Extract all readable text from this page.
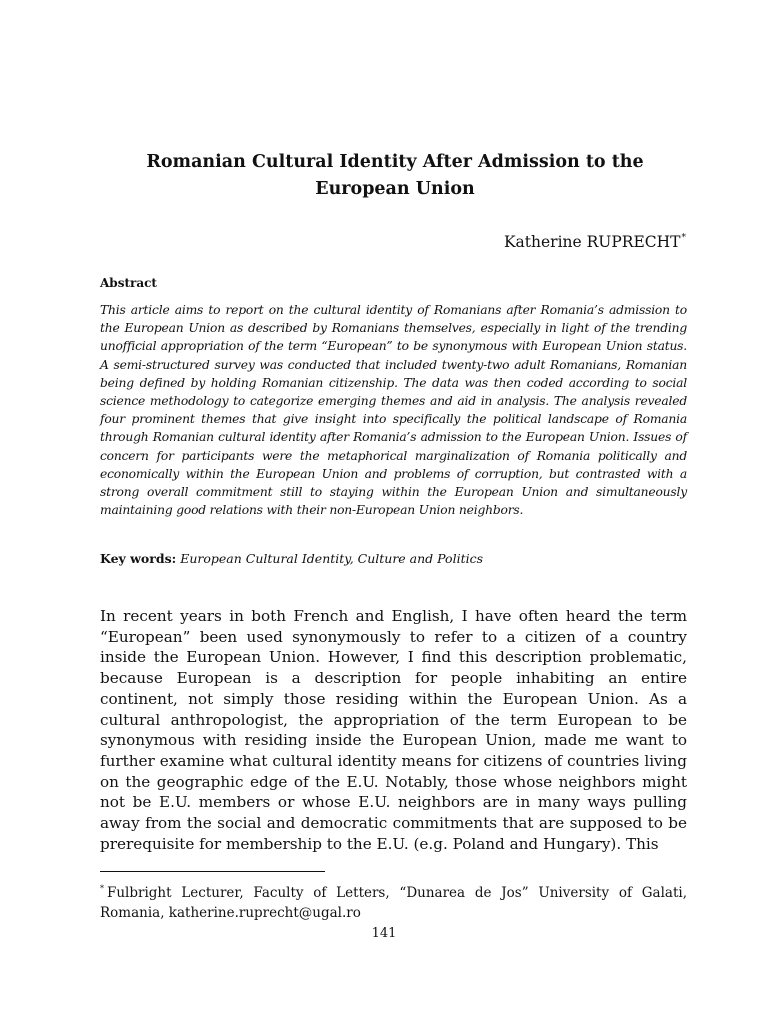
Romanian Cultural Identity After Admission to the
European Union
Katherine RUPRECHT*
Abstract

This article aims to report on the cultural identity of Romanians after Romania’s admission to the European Union as described by Romanians themselves, especially in light of the trending unofficial appropriation of the term “European” to be synonymous with European Union status. A semi-structured survey was conducted that included twenty-two adult Romanians, Romanian being defined by holding Romanian citizenship. The data was then coded according to social science methodology to categorize emerging themes and aid in analysis. The analysis revealed four prominent themes that give insight into specifically the political landscape of Romania through Romanian cultural identity after Romania’s admission to the European Union. Issues of concern for participants were the metaphorical marginalization of Romania politically and economically within the European Union and problems of corruption, but contrasted with a strong overall commitment still to staying within the European Union and simultaneously maintaining good relations with their non-European Union neighbors.

Key words: European Cultural Identity, Culture and Politics

In recent years in both French and English, I have often heard the term “European” been used synonymously to refer to a citizen of a country inside the European Union. However, I find this description problematic, because European is a description for people inhabiting an entire continent, not simply those residing within the European Union. As a cultural anthropologist, the appropriation of the term European to be synonymous with residing inside the European Union, made me want to further examine what cultural identity means for citizens of countries living on the geographic edge of the E.U. Notably, those whose neighbors might not be E.U. members or whose E.U. neighbors are in many ways pulling away from the social and democratic commitments that are supposed to be prerequisite for membership to the E.U. (e.g. Poland and Hungary). This

* Fulbright Lecturer, Faculty of Letters, “Dunarea de Jos” University of Galati, Romania, katherine.ruprecht@ugal.ro

141
